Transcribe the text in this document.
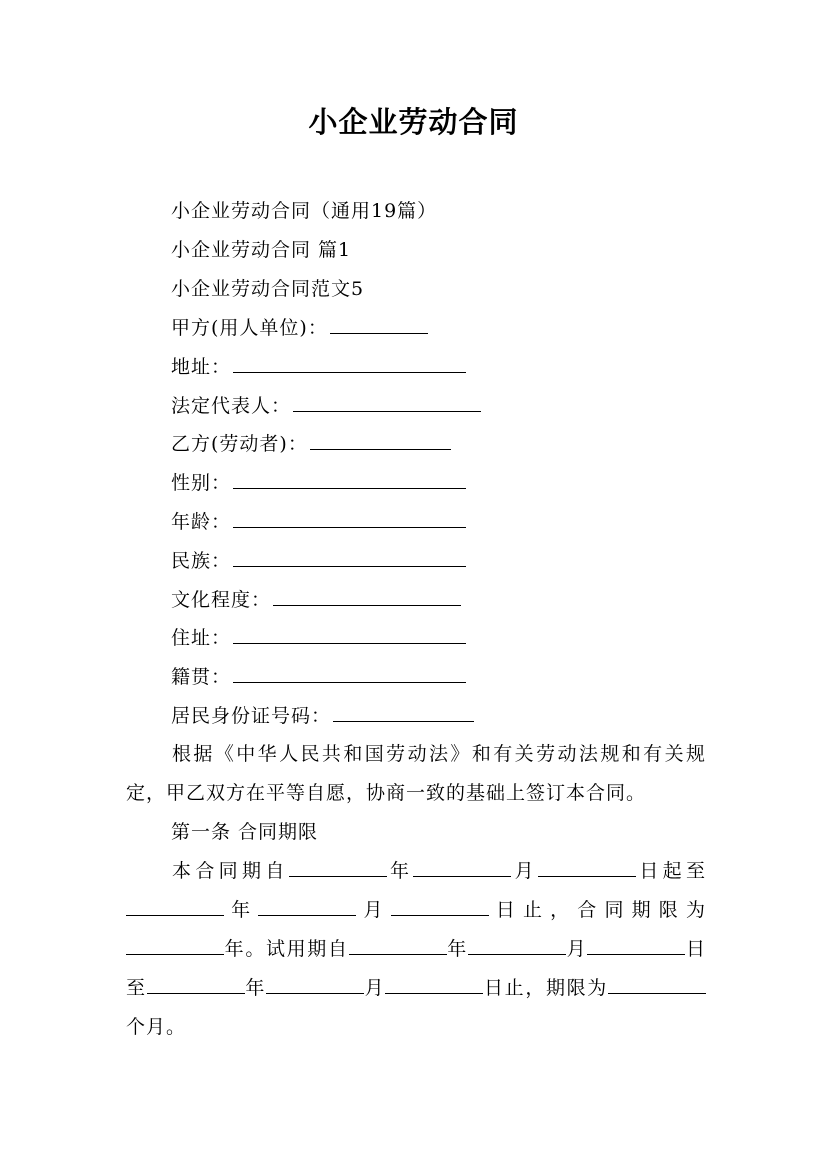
小企业劳动合同
小企业劳动合同（通用19篇）
小企业劳动合同 篇1
小企业劳动合同范文5
甲方(用人单位)：
地址：
法定代表人：
乙方(劳动者)：
性别：
年龄：
民族：
文化程度：
住址：
籍贯：
居民身份证号码：
根据《中华人民共和国劳动法》和有关劳动法规和有关规定，甲乙双方在平等自愿，协商一致的基础上签订本合同。
第一条 合同期限
本合同期自	年	月	日起至年	月	日止，合同期限为年。试用期自	年	月	日至	年	月	日止，期限为个月。
